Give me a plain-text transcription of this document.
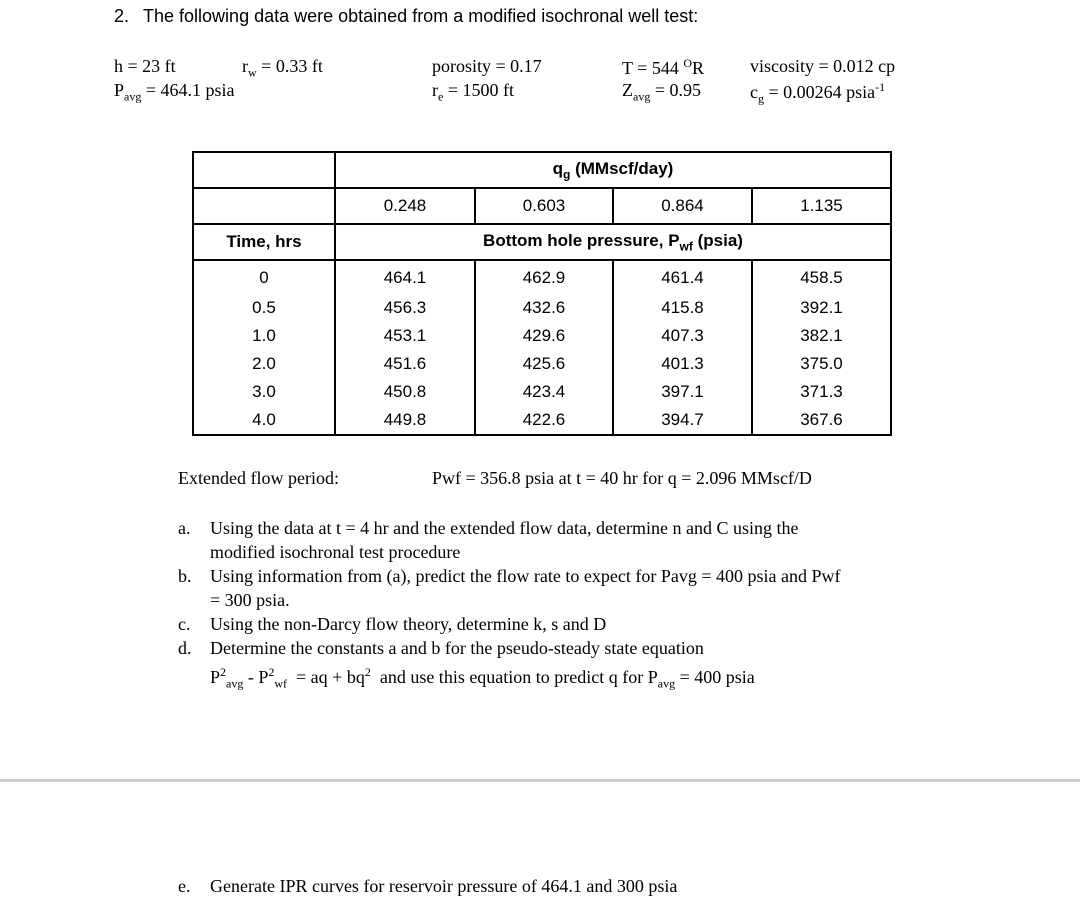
2. The following data were obtained from a modified isochronal well test:
h = 23 ft	$r_w = 0.33$ ft
$P_{avg} = 464.1$ psia
porosity = 0.17
$r_e = 1500$ ft
T = 544 $^O$R
$Z_{avg} = 0.95$
viscosity = 0.012 cp
$c_g = 0.00264$ psia$^{-1}$
	$q_g$ (MMscf/day)			
	0.248	0.603	0.864	1.135
Time, hrs	Bottom hole pressure, $P_{wf}$ (psia)			
0	464.1	462.9	461.4	458.5
0.5	456.3	432.6	415.8	392.1
1.0	453.1	429.6	407.3	382.1
2.0	451.6	425.6	401.3	375.0
3.0	450.8	423.4	397.1	371.3
4.0	449.8	422.6	394.7	367.6
Extended flow period:	Pwf = 356.8 psia at t = 40 hr for q = 2.096 MMscf/D
a. Using the data at t = 4 hr and the extended flow data, determine n and C using the
modified isochronal test procedure
b. Using information from (a), predict the flow rate to expect for Pavg = 400 psia and Pwf
= 300 psia.
c. Using the non-Darcy flow theory, determine k, s and D
d. Determine the constants a and b for the pseudo-steady state equation
$P^2_{avg} - P^2_{wf}$  = aq + $bq^2$  and use this equation to predict q for $P_{avg} = 400$ psia
e. Generate IPR curves for reservoir pressure of 464.1 and 300 psia
